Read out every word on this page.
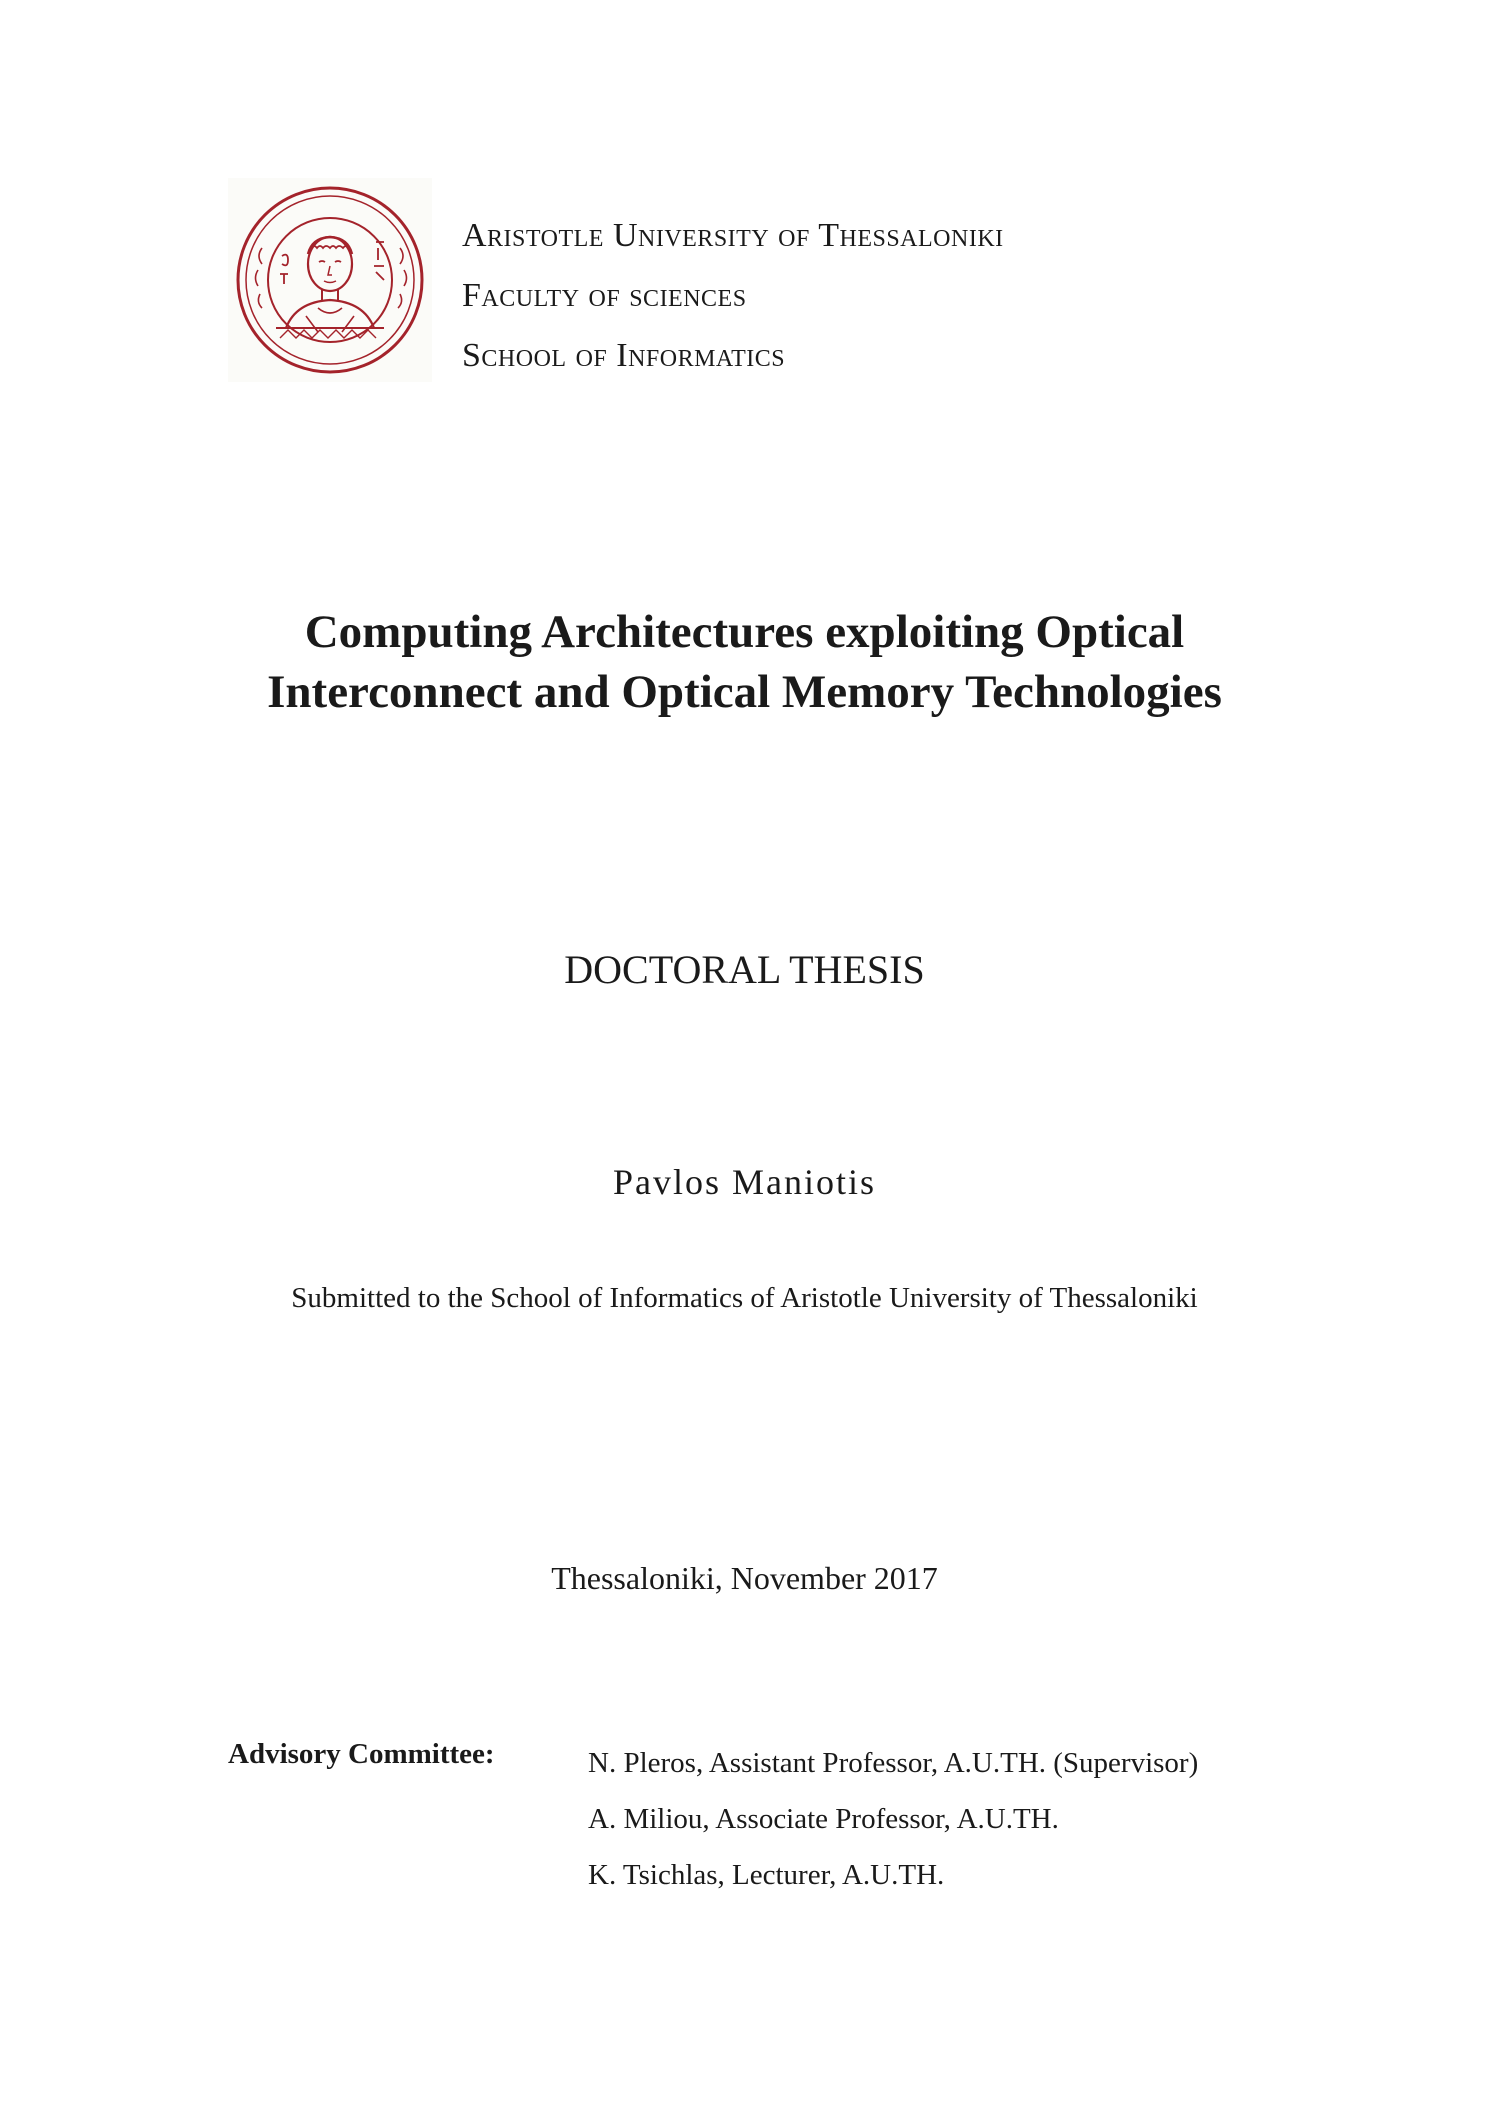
Aristotle University of Thessaloniki
Faculty of sciences
School of Informatics
Computing Architectures exploiting Optical
Interconnect and Optical Memory Technologies
DOCTORAL THESIS
Pavlos Maniotis
Submitted to the School of Informatics of Aristotle University of Thessaloniki
Thessaloniki, November 2017
Advisory Committee:	N. Pleros, Assistant Professor, A.U.TH. (Supervisor)
A. Miliou, Associate Professor, A.U.TH.
K. Tsichlas, Lecturer, A.U.TH.
